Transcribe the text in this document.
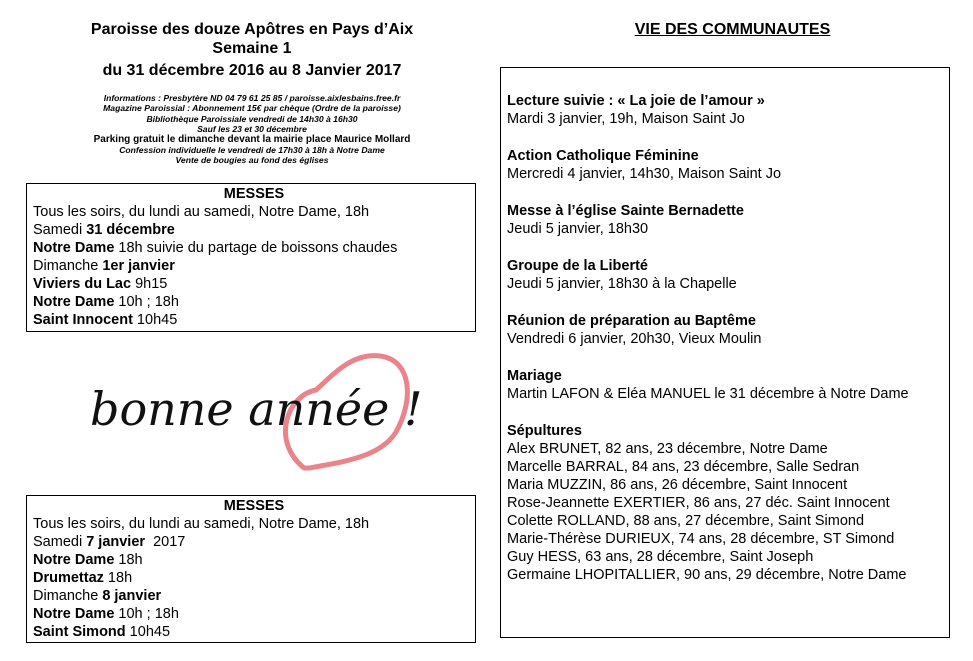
Paroisse des douze Apôtres en Pays d’Aix
Semaine 1
du 31 décembre 2016 au 8 Janvier 2017
Informations : Presbytère ND 04 79 61 25 85 / paroisse.aixlesbains.free.fr
Magazine Paroissial : Abonnement 15€ par chèque (Ordre de la paroisse)
Bibliothèque Paroissiale vendredi de 14h30 à 16h30
Sauf les 23 et 30 décembre
Parking gratuit le dimanche devant la mairie place Maurice Mollard
Confession individuelle le vendredi de 17h30 à 18h à Notre Dame
Vente de bougies au fond des églises
MESSES
Tous les soirs, du lundi au samedi, Notre Dame, 18h
Samedi 31 décembre
Notre Dame 18h suivie du partage de boissons chaudes
Dimanche 1er janvier
Viviers du Lac 9h15
Notre Dame 10h ; 18h
Saint Innocent 10h45
bonne année !
MESSES
Tous les soirs, du lundi au samedi, Notre Dame, 18h
Samedi 7 janvier  2017
Notre Dame 18h
Drumettaz 18h
Dimanche 8 janvier
Notre Dame 10h ; 18h
Saint Simond 10h45
VIE DES COMMUNAUTES
Lecture suivie : « La joie de l’amour »
Mardi 3 janvier, 19h, Maison Saint Jo
Action Catholique Féminine
Mercredi 4 janvier, 14h30, Maison Saint Jo
Messe à l’église Sainte Bernadette
Jeudi 5 janvier, 18h30
Groupe de la Liberté
Jeudi 5 janvier, 18h30 à la Chapelle
Réunion de préparation au Baptême
Vendredi 6 janvier, 20h30, Vieux Moulin
Mariage
Martin LAFON & Eléa MANUEL le 31 décembre à Notre Dame
Sépultures
Alex BRUNET, 82 ans, 23 décembre, Notre Dame
Marcelle BARRAL, 84 ans, 23 décembre, Salle Sedran
Maria MUZZIN, 86 ans, 26 décembre, Saint Innocent
Rose-Jeannette EXERTIER, 86 ans, 27 déc. Saint Innocent
Colette ROLLAND, 88 ans, 27 décembre, Saint Simond
Marie-Thérèse DURIEUX, 74 ans, 28 décembre, ST Simond
Guy HESS, 63 ans, 28 décembre, Saint Joseph
Germaine LHOPITALLIER, 90 ans, 29 décembre, Notre Dame
